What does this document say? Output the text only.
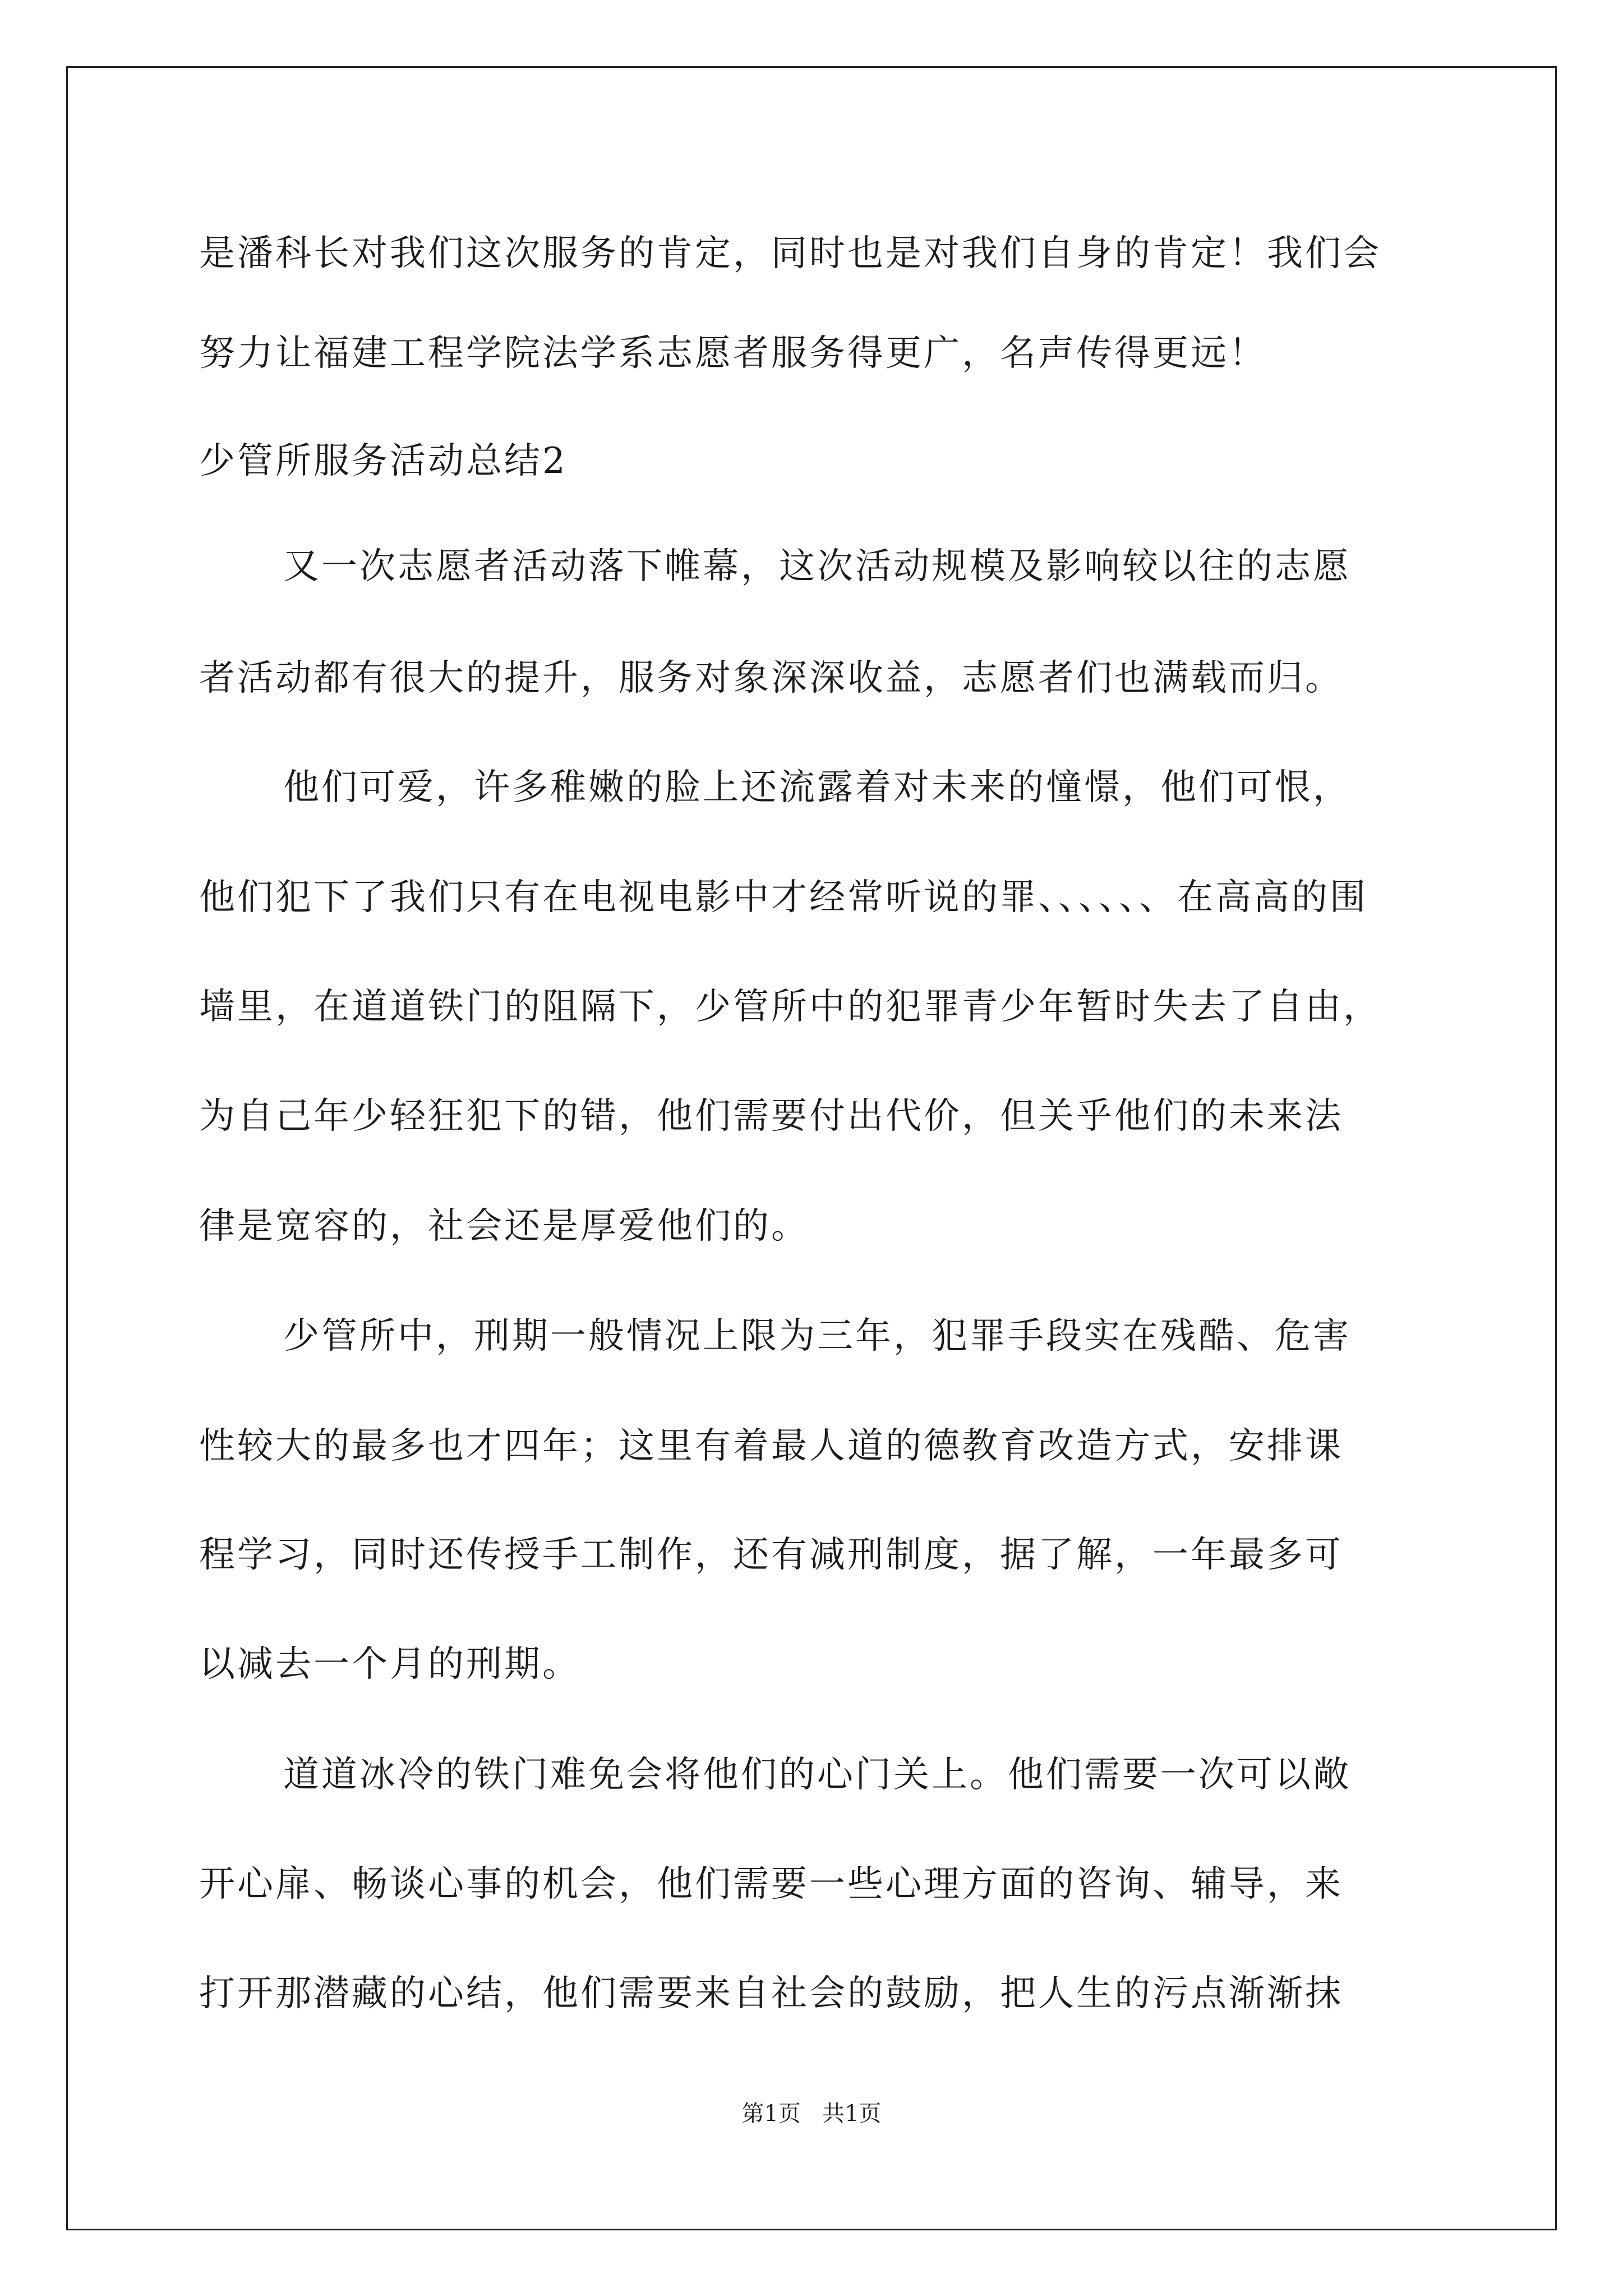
是潘科长对我们这次服务的肯定，同时也是对我们自身的肯定！我们会
努力让福建工程学院法学系志愿者服务得更广，名声传得更远！
少管所服务活动总结2
又一次志愿者活动落下帷幕，这次活动规模及影响较以往的志愿
者活动都有很大的提升，服务对象深深收益，志愿者们也满载而归。
他们可爱，许多稚嫩的脸上还流露着对未来的憧憬，他们可恨，
他们犯下了我们只有在电视电影中才经常听说的罪、、、、、、在高高的围
墙里，在道道铁门的阻隔下，少管所中的犯罪青少年暂时失去了自由，
为自己年少轻狂犯下的错，他们需要付出代价，但关乎他们的未来法
律是宽容的，社会还是厚爱他们的。
少管所中，刑期一般情况上限为三年，犯罪手段实在残酷、危害
性较大的最多也才四年；这里有着最人道的德教育改造方式，安排课
程学习，同时还传授手工制作，还有减刑制度，据了解，一年最多可
以减去一个月的刑期。
道道冰冷的铁门难免会将他们的心门关上。他们需要一次可以敞
开心扉、畅谈心事的机会，他们需要一些心理方面的咨询、辅导，来
打开那潜藏的心结，他们需要来自社会的鼓励，把人生的污点渐渐抹
第1页   共1页
